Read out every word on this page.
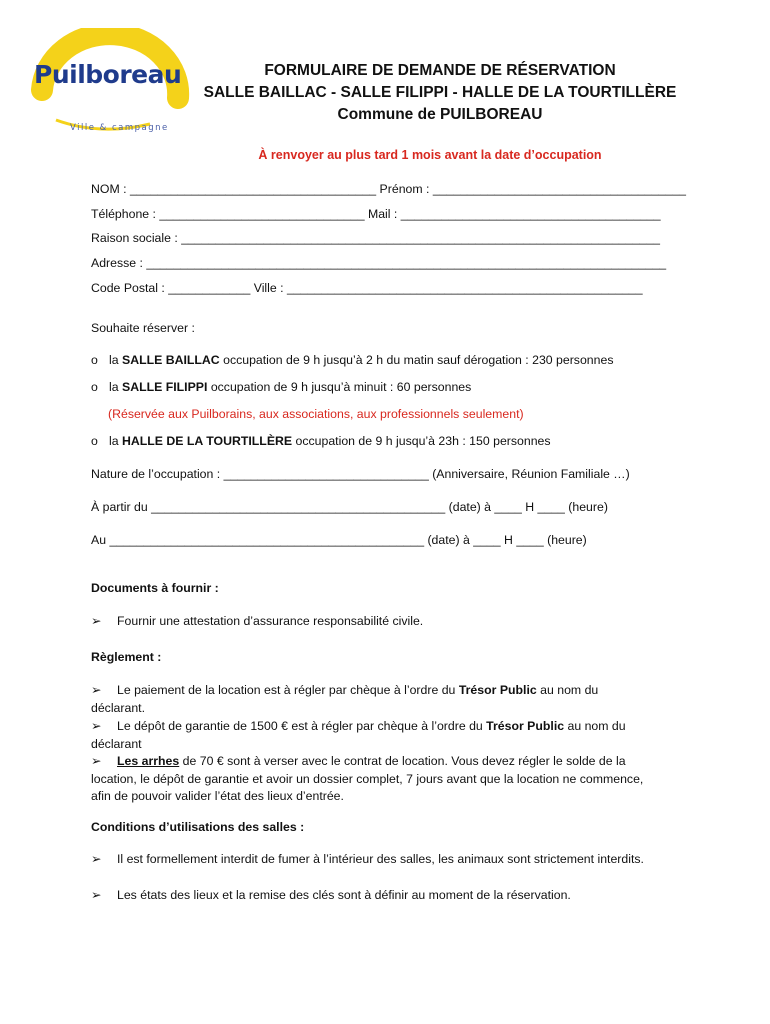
Puilboreau
Ville & campagne
FORMULAIRE DE DEMANDE DE RÉSERVATION
SALLE BAILLAC - SALLE FILIPPI - HALLE DE LA TOURTILLÈRE
Commune de PUILBOREAU
À renvoyer au plus tard 1 mois avant la date d’occupation
NOM : ____________________________________ Prénom : _____________________________________
Téléphone : ______________________________ Mail : ______________________________________
Raison sociale : ______________________________________________________________________
Adresse : ____________________________________________________________________________
Code Postal : ____________ Ville : ____________________________________________________
Souhaite réserver :
o la SALLE BAILLAC occupation de 9 h jusqu’à 2 h du matin sauf dérogation : 230 personnes
o la SALLE FILIPPI occupation de 9 h jusqu’à minuit : 60 personnes
(Réservée aux Puilborains, aux associations, aux professionnels seulement)
o la HALLE DE LA TOURTILLÈRE occupation de 9 h jusqu’à 23h : 150 personnes
Nature de l’occupation : ______________________________ (Anniversaire, Réunion Familiale …)
À partir du ___________________________________________ (date) à ____ H ____ (heure)
Au ______________________________________________ (date) à ____ H ____ (heure)
Documents à fournir :
➢ Fournir une attestation d’assurance responsabilité civile.
Règlement :
➢ Le paiement de la location est à régler par chèque à l’ordre du Trésor Public au nom du déclarant.
➢ Le dépôt de garantie de 1500 € est à régler par chèque à l’ordre du Trésor Public au nom du déclarant
➢ Les arrhes de 70 € sont à verser avec le contrat de location. Vous devez régler le solde de la location, le dépôt de garantie et avoir un dossier complet, 7 jours avant que la location ne commence, afin de pouvoir valider l’état des lieux d’entrée.
Conditions d’utilisations des salles :
➢ Il est formellement interdit de fumer à l’intérieur des salles, les animaux sont strictement interdits.
➢ Les états des lieux et la remise des clés sont à définir au moment de la réservation.
